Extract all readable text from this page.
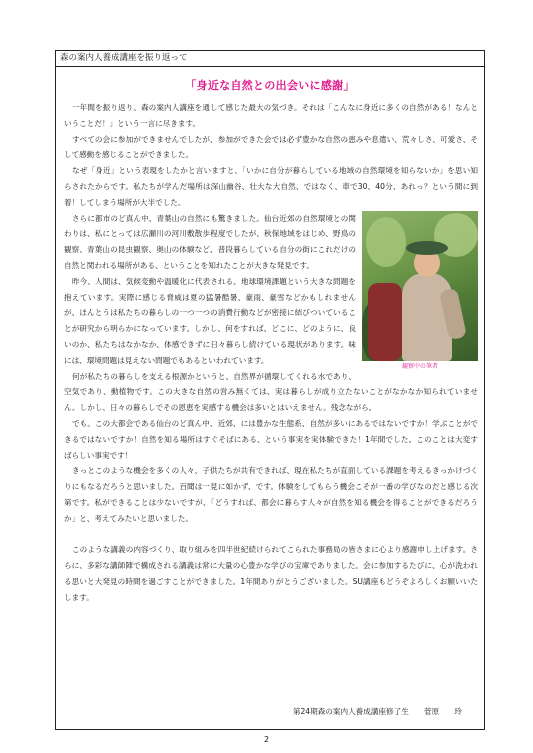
森の案内人養成講座を振り返って
「身近な自然との出会いに感謝」

一年間を振り返り、森の案内人講座を通して感じた最大の気づき。それは「こんなに身近に多くの自然がある！なんということだ！」という一言に尽きます。

すべての会に参加ができませんでしたが、参加ができた会では必ず豊かな自然の恵みや息遣い、荒々しさ、可愛さ、そして感動を感じることができました。

なぜ「身近」という表現をしたかと言いますと、「いかに自分が暮らしている地域の自然環境を知らないか」を思い知らされたからです。私たちが学んだ場所は深山幽谷、壮大な大自然、ではなく、車で30、40分、あれっ？という間に到着！してしまう場所が大半でした。

観察中の筆者

さらに都市のど真ん中、青葉山の自然にも驚きました。仙台近郊の自然環境との関わりは、私にとっては広瀬川の河川敷散歩程度でしたが、秋保地域をはじめ、野鳥の観察、青葉山の昆虫観察、奥山の体験など、普段暮らしている自分の街にこれだけの自然と関われる場所がある、ということを知れたことが大きな発見です。

昨今、人間は、気候変動や温暖化に代表される、地球環境課題という大きな問題を抱えています。実際に感じる脅威は夏の猛暑酷暑、豪雨、豪雪などかもしれませんが、ほんとうは私たちの暮らしの一つ一つの消費行動などが密接に結びついていることが研究から明らかになっています。しかし、何をすれば、どこに、どのように、良いのか、私たちはなかなか、体感できずに日々暮らし続けている現状があります。味には、環境問題は見えない問題でもあるといわれています。

何が私たちの暮らしを支える根源かというと、自然界が循環してくれる水であり、空気であり、動植物です。この大きな自然の営み無くては、実は暮らしが成り立たないことがなかなか知られていません。しかし、日々の暮らしでその恩恵を実感する機会は多いとはいえません。残念ながら。

でも。この大都会である仙台のど真ん中、近郊、には豊かな生態系、自然が多いにあるではないですか！学ぶことができるではないですか！自然を知る場所はすぐそばにある、という事実を実体験できた！1年間でした。このことは大変すばらしい事実です！

きっとこのような機会を多くの人々、子供たちが共有できれば、現在私たちが直面している課題を考えるきっかけづくりにもなるだろうと思いました。百聞は一見に如かず、です。体験をしてもらう機会こそが一番の学びなのだと感じる次第です。私ができることは少ないですが、「どうすれば、都会に暮らす人々が自然を知る機会を得ることができるだろうか」と、考えてみたいと思いました。

このような講義の内容づくり、取り組みを四半世紀続けられてこられた事務局の皆さまに心より感謝申し上げます。さらに、多彩な講師陣で構成される講義は常に大量の心豊かな学びの宝庫でありました。会に参加するたびに、心が洗われる思いと大発見の時間を過ごすことができました。1年間ありがとうございました。SU講座もどうぞよろしくお願いいたします。

第24期森の案内人養成講座修了生　　菅原　　玲
2
